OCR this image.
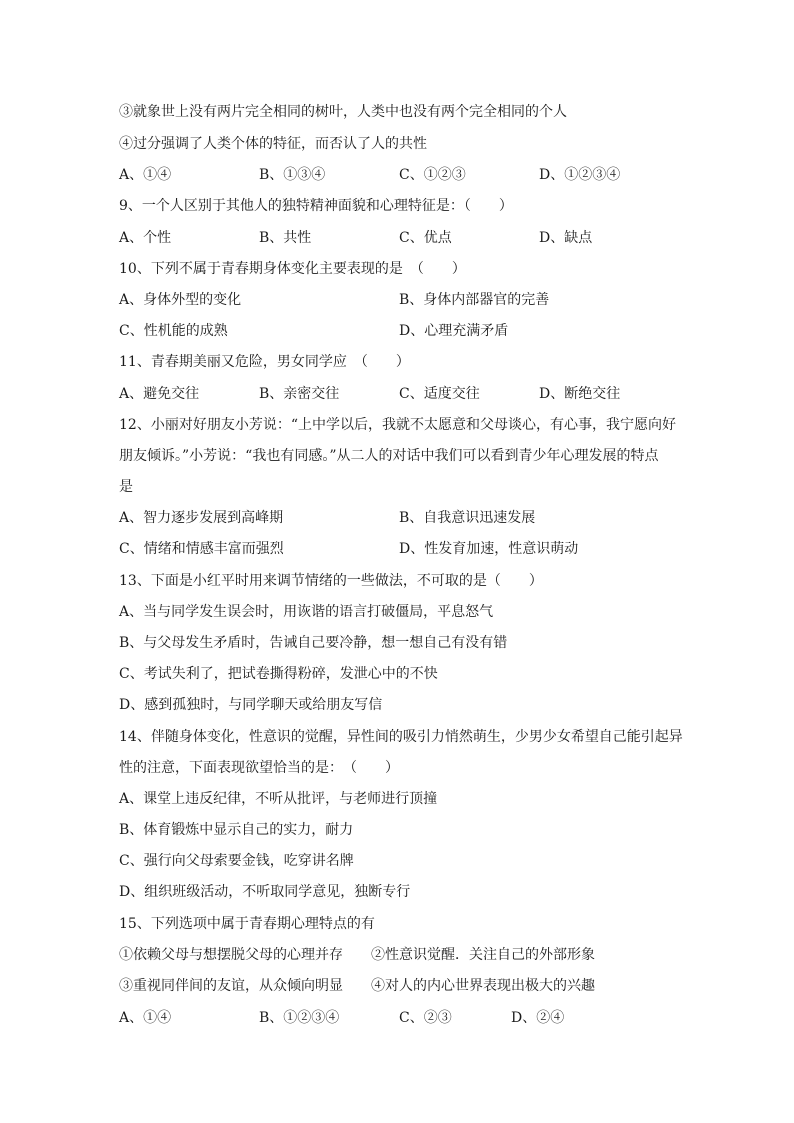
③就象世上没有两片完全相同的树叶，人类中也没有两个完全相同的个人
④过分强调了人类个体的特征，而否认了人的共性
A、①④	B、①③④	C、①②③	D、①②③④
9、一个人区别于其他人的独特精神面貌和心理特征是：（　　）
A、个性	B、共性	C、优点	D、缺点
10、下列不属于青春期身体变化主要表现的是　（　　）
A、身体外型的变化	B、身体内部器官的完善
C、性机能的成熟	D、心理充满矛盾
11、青春期美丽又危险，男女同学应　（　　）
A、避免交往	B、亲密交往	C、适度交往	D、断绝交往
12、小丽对好朋友小芳说：“上中学以后，我就不太愿意和父母谈心，有心事，我宁愿向好
朋友倾诉。”小芳说：“我也有同感。”从二人的对话中我们可以看到青少年心理发展的特点
是
A、智力逐步发展到高峰期	B、自我意识迅速发展
C、情绪和情感丰富而强烈	D、性发育加速，性意识萌动
13、下面是小红平时用来调节情绪的一些做法，不可取的是（　　）
A、当与同学发生误会时，用诙谐的语言打破僵局，平息怒气
B、与父母发生矛盾时，告诫自己要冷静，想一想自己有没有错
C、考试失利了，把试卷撕得粉碎，发泄心中的不快
D、感到孤独时，与同学聊天或给朋友写信
14、伴随身体变化，性意识的觉醒，异性间的吸引力悄然萌生，少男少女希望自己能引起异
性的注意，下面表现欲望恰当的是：　（　　）
A、课堂上违反纪律，不听从批评，与老师进行顶撞
B、体育锻炼中显示自己的实力，耐力
C、强行向父母索要金钱，吃穿讲名牌
D、组织班级活动，不听取同学意见，独断专行
15、下列选项中属于青春期心理特点的有
①依赖父母与想摆脱父母的心理并存 ②性意识觉醒．关注自己的外部形象
③重视同伴间的友谊，从众倾向明显 ④对人的内心世界表现出极大的兴趣
A、①④	B、①②③④	C、②③	D、②④
